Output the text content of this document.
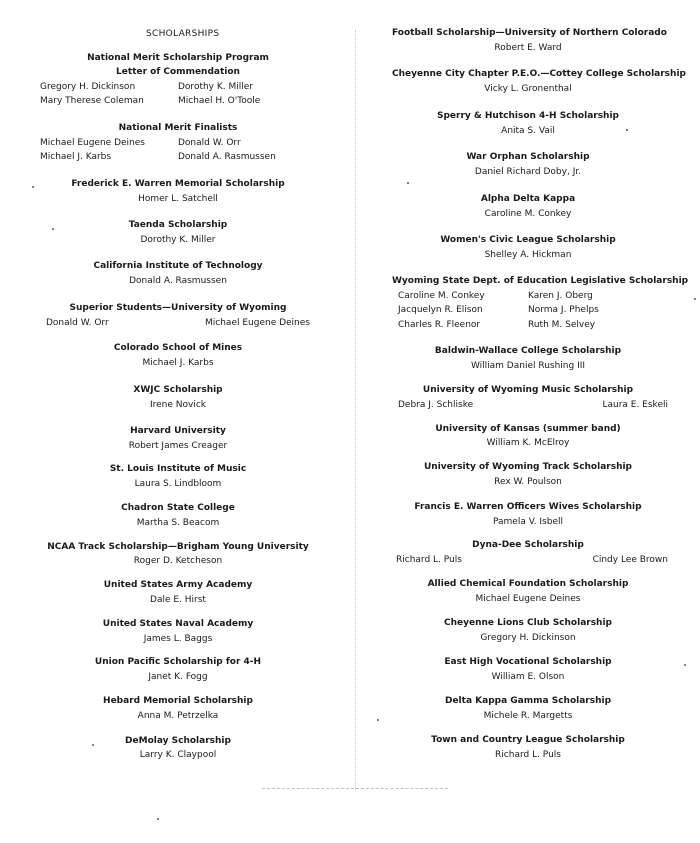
SCHOLARSHIPS
National Merit Scholarship Program
Letter of Commendation
Gregory H. Dickinson	Dorothy K. Miller
Mary Therese Coleman	Michael H. O'Toole
National Merit Finalists
Michael Eugene Deines	Donald W. Orr
Michael J. Karbs	Donald A. Rasmussen
Frederick E. Warren Memorial Scholarship
Homer L. Satchell
Taenda Scholarship
Dorothy K. Miller
California Institute of Technology
Donald A. Rasmussen
Superior Students—University of Wyoming
Donald W. Orr	Michael Eugene Deines
Colorado School of Mines
Michael J. Karbs
XWJC Scholarship
Irene Novick
Harvard University
Robert James Creager
St. Louis Institute of Music
Laura S. Lindbloom
Chadron State College
Martha S. Beacom
NCAA Track Scholarship—Brigham Young University
Roger D. Ketcheson
United States Army Academy
Dale E. Hirst
United States Naval Academy
James L. Baggs
Union Pacific Scholarship for 4-H
Janet K. Fogg
Hebard Memorial Scholarship
Anna M. Petrzelka
DeMolay Scholarship
Larry K. Claypool
Football Scholarship—University of Northern Colorado
Robert E. Ward
Cheyenne City Chapter P.E.O.—Cottey College Scholarship
Vicky L. Gronenthal
Sperry & Hutchison 4-H Scholarship
Anita S. Vail
War Orphan Scholarship
Daniel Richard Doby, Jr.
Alpha Delta Kappa
Caroline M. Conkey
Women's Civic League Scholarship
Shelley A. Hickman
Wyoming State Dept. of Education Legislative Scholarship
Caroline M. Conkey	Karen J. Oberg
Jacquelyn R. Elison	Norma J. Phelps
Charles R. Fleenor	Ruth M. Selvey
Baldwin-Wallace College Scholarship
William Daniel Rushing III
University of Wyoming Music Scholarship
Debra J. Schliske	Laura E. Eskeli
University of Kansas (summer band)
William K. McElroy
University of Wyoming Track Scholarship
Rex W. Poulson
Francis E. Warren Officers Wives Scholarship
Pamela V. Isbell
Dyna-Dee Scholarship
Richard L. Puls	Cindy Lee Brown
Allied Chemical Foundation Scholarship
Michael Eugene Deines
Cheyenne Lions Club Scholarship
Gregory H. Dickinson
East High Vocational Scholarship
William E. Olson
Delta Kappa Gamma Scholarship
Michele R. Margetts
Town and Country League Scholarship
Richard L. Puls
